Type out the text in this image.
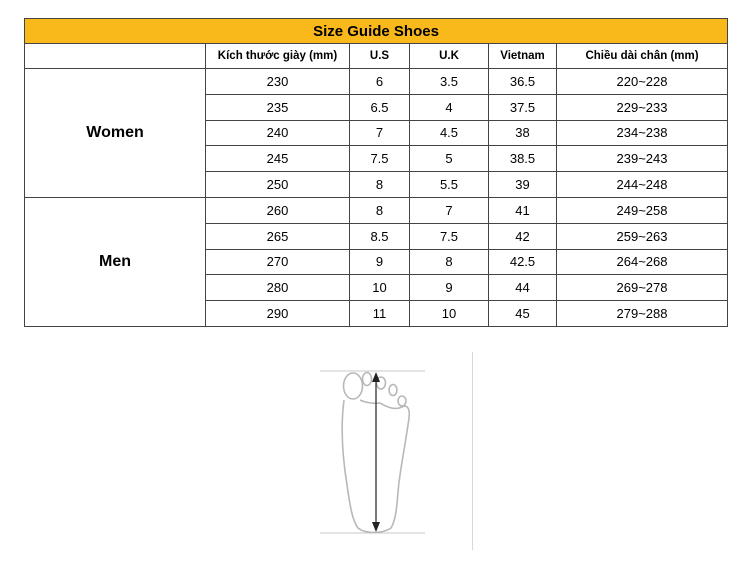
Size Guide Shoes					
	Kích thước giày (mm)	U.S	U.K	Vietnam	Chiều dài chân (mm)
Women	230	6	3.5	36.5	220~228
	235	6.5	4	37.5	229~233
	240	7	4.5	38	234~238
	245	7.5	5	38.5	239~243
	250	8	5.5	39	244~248
Men	260	8	7	41	249~258
	265	8.5	7.5	42	259~263
	270	9	8	42.5	264~268
	280	10	9	44	269~278
	290	11	10	45	279~288
